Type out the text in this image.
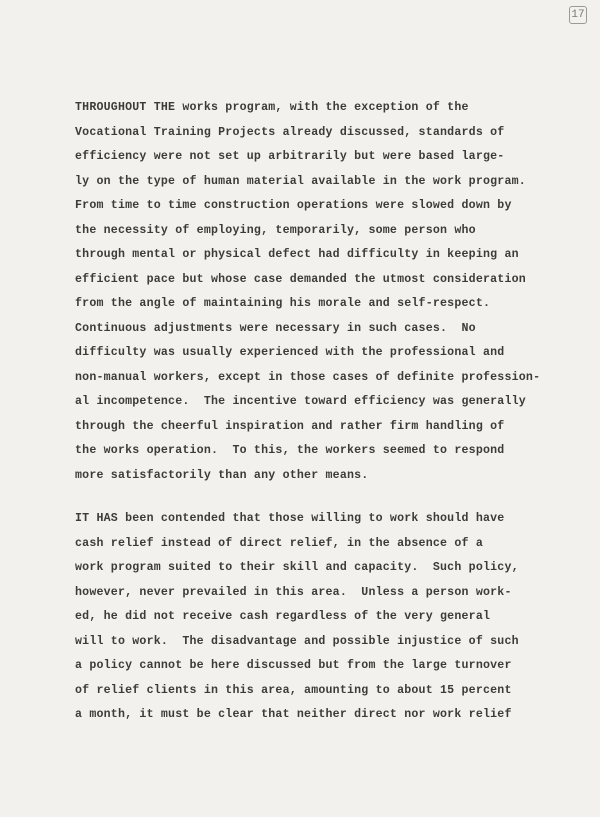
17
THROUGHOUT THE works program, with the exception of the
Vocational Training Projects already discussed, standards of
efficiency were not set up arbitrarily but were based large-
ly on the type of human material available in the work program.
From time to time construction operations were slowed down by
the necessity of employing, temporarily, some person who
through mental or physical defect had difficulty in keeping an
efficient pace but whose case demanded the utmost consideration
from the angle of maintaining his morale and self-respect.
Continuous adjustments were necessary in such cases.  No
difficulty was usually experienced with the professional and
non-manual workers, except in those cases of definite profession-
al incompetence.  The incentive toward efficiency was generally
through the cheerful inspiration and rather firm handling of
the works operation.  To this, the workers seemed to respond
more satisfactorily than any other means.
IT HAS been contended that those willing to work should have
cash relief instead of direct relief, in the absence of a
work program suited to their skill and capacity.  Such policy,
however, never prevailed in this area.  Unless a person work-
ed, he did not receive cash regardless of the very general
will to work.  The disadvantage and possible injustice of such
a policy cannot be here discussed but from the large turnover
of relief clients in this area, amounting to about 15 percent
a month, it must be clear that neither direct nor work relief
